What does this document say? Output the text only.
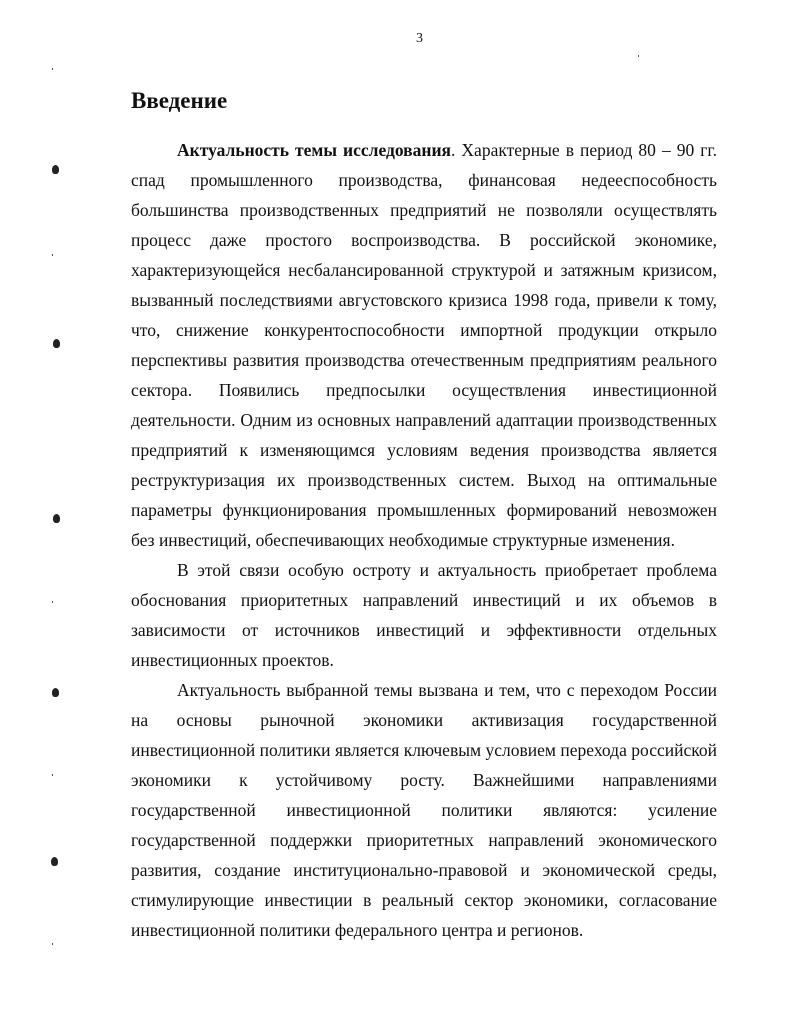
3
Введение

Актуальность темы исследования. Характерные в период 80 – 90 гг. спад промышленного производства, финансовая недееспособность большинства производственных предприятий не позволяли осуществлять процесс даже простого воспроизводства. В российской экономике, характеризующейся несбалансированной структурой и затяжным кризисом, вызванный последствиями августовского кризиса 1998 года, привели к тому, что, снижение конкурентоспособности импортной продукции открыло перспективы развития производства отечественным предприятиям реального сектора. Появились предпосылки осуществления инвестиционной деятельности. Одним из основных направлений адаптации производственных предприятий к изменяющимся условиям ведения производства является реструктуризация их производственных систем. Выход на оптимальные параметры функционирования промышленных формирований невозможен без инвестиций, обеспечивающих необходимые структурные изменения.

В этой связи особую остроту и актуальность приобретает проблема обоснования приоритетных направлений инвестиций и их объемов в зависимости от источников инвестиций и эффективности отдельных инвестиционных проектов.

Актуальность выбранной темы вызвана и тем, что с переходом России на основы рыночной экономики активизация государственной инвестиционной политики является ключевым условием перехода российской экономики к устойчивому росту. Важнейшими направлениями государственной инвестиционной политики являются: усиление государственной поддержки приоритетных направлений экономического развития, создание институционально-правовой и экономической среды, стимулирующие инвестиции в реальный сектор экономики, согласование инвестиционной политики федерального центра и регионов.
